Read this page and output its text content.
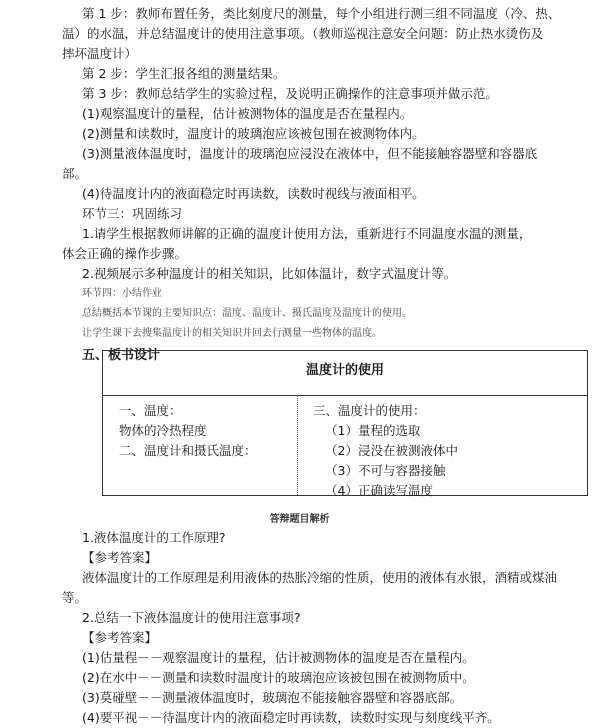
第 1 步：教师布置任务，类比刻度尺的测量，每个小组进行测三组不同温度（冷、热、

温）的水温，并总结温度计的使用注意事项。（教师巡视注意安全问题：防止热水烫伤及

摔坏温度计）

第 2 步：学生汇报各组的测量结果。

第 3 步：教师总结学生的实验过程，及说明正确操作的注意事项并做示范。

(1)观察温度计的量程，估计被测物体的温度是否在量程内。

(2)测量和读数时，温度计的玻璃泡应该被包围在被测物体内。

(3)测量液体温度时，温度计的玻璃泡应浸没在液体中，但不能接触容器壁和容器底

部。

(4)待温度计内的液面稳定时再读数，读数时视线与液面相平。

环节三：巩固练习

1.请学生根据教师讲解的正确的温度计使用方法，重新进行不同温度水温的测量，

体会正确的操作步骤。

2.视频展示多种温度计的相关知识，比如体温计，数字式温度计等。

环节四：小结作业

总结概括本节课的主要知识点：温度、温度计、摄氏温度及温度计的使用。

让学生课下去搜集温度计的相关知识并回去行测量一些物体的温度。

五、板书设计

温度计的使用
一、温度：
物体的冷热程度
二、温度计和摄氏温度：
三、温度计的使用：
（1）量程的选取
（2）浸没在被测液体中
（3）不可与容器接触
（4）正确读写温度
答辩题目解析

1.液体温度计的工作原理?

【参考答案】

液体温度计的工作原理是利用液体的热胀冷缩的性质，使用的液体有水银，酒精或煤油

等。

2.总结一下液体温度计的使用注意事项?

【参考答案】

(1)估量程－－观察温度计的量程，估计被测物体的温度是否在量程内。

(2)在水中－－测量和读数时温度计的玻璃泡应该被包围在被测物质中。

(3)莫碰壁－－测量液体温度时，玻璃泡不能接触容器壁和容器底部。

(4)要平视－－待温度计内的液面稳定时再读数，读数时实现与刻度线平齐。
